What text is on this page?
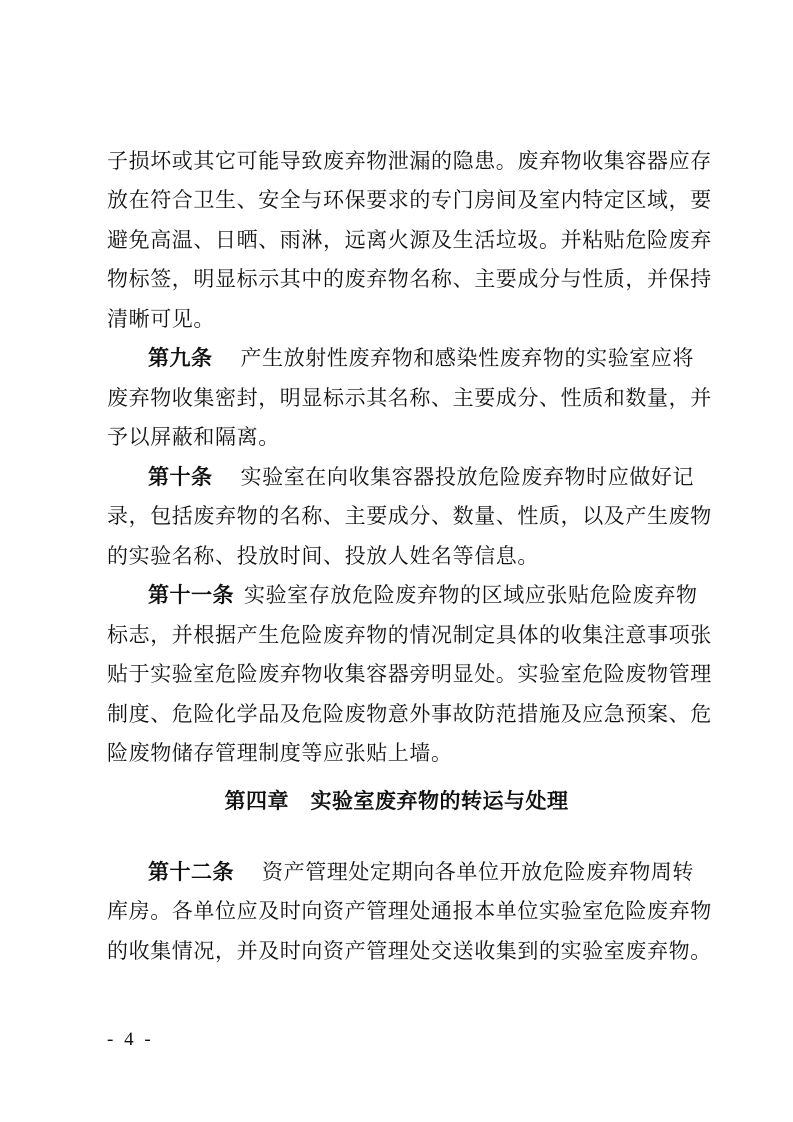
子损坏或其它可能导致废弃物泄漏的隐患。废弃物收集容器应存
放在符合卫生、安全与环保要求的专门房间及室内特定区域，要
避免高温、日晒、雨淋，远离火源及生活垃圾。并粘贴危险废弃
物标签，明显标示其中的废弃物名称、主要成分与性质，并保持
清晰可见。
第九条 产生放射性废弃物和感染性废弃物的实验室应将
废弃物收集密封，明显标示其名称、主要成分、性质和数量，并
予以屏蔽和隔离。
第十条 实验室在向收集容器投放危险废弃物时应做好记
录，包括废弃物的名称、主要成分、数量、性质，以及产生废物
的实验名称、投放时间、投放人姓名等信息。
第十一条 实验室存放危险废弃物的区域应张贴危险废弃物
标志，并根据产生危险废弃物的情况制定具体的收集注意事项张
贴于实验室危险废弃物收集容器旁明显处。实验室危险废物管理
制度、危险化学品及危险废物意外事故防范措施及应急预案、危
险废物储存管理制度等应张贴上墙。
第四章　实验室废弃物的转运与处理
第十二条 资产管理处定期向各单位开放危险废弃物周转
库房。各单位应及时向资产管理处通报本单位实验室危险废弃物
的收集情况，并及时向资产管理处交送收集到的实验室废弃物。
- 4 -
